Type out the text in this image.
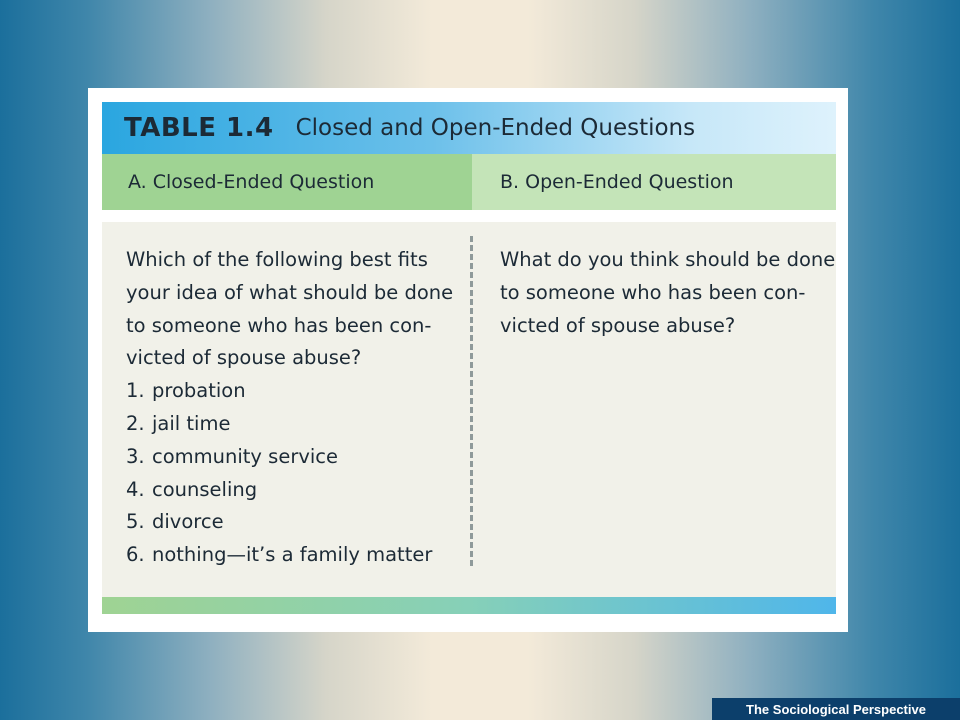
TABLE 1.4 Closed and Open-Ended Questions
A. Closed-Ended Question	B. Open-Ended Question
Which of the following best fits
your idea of what should be done
to someone who has been con-
victed of spouse abuse?
1. probation
2. jail time
3. community service
4. counseling
5. divorce
6. nothing—it’s a family matter
What do you think should be done
to someone who has been con-
victed of spouse abuse?
The Sociological Perspective
